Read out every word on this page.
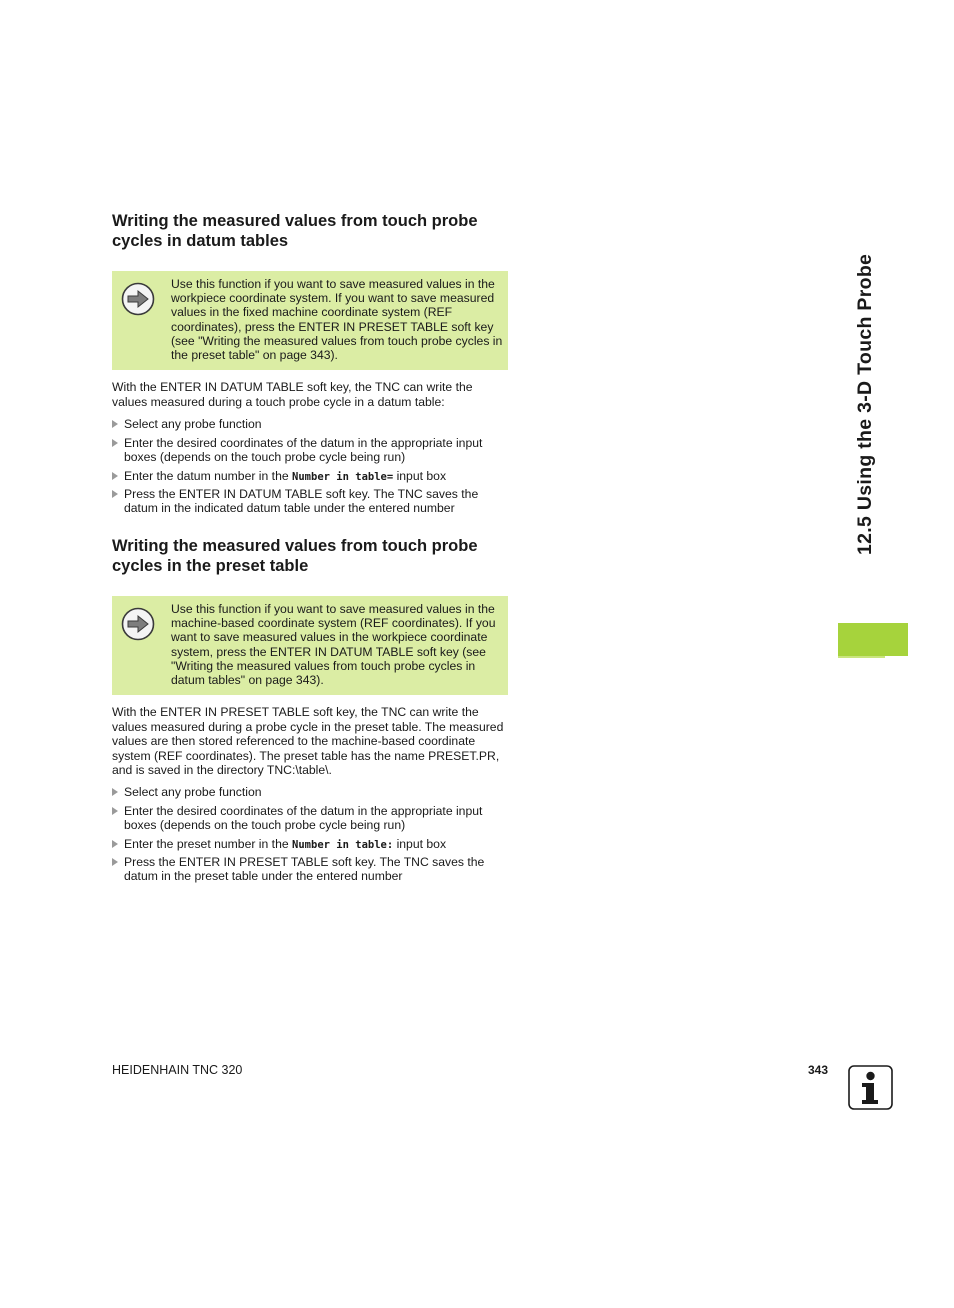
Writing the measured values from touch probe cycles in datum tables
Use this function if you want to save measured values in the workpiece coordinate system. If you want to save measured values in the fixed machine coordinate system (REF coordinates), press the ENTER IN PRESET TABLE soft key (see "Writing the measured values from touch probe cycles in the preset table" on page 343).

With the ENTER IN DATUM TABLE soft key, the TNC can write the values measured during a touch probe cycle in a datum table:

Select any probe function
Enter the desired coordinates of the datum in the appropriate input boxes (depends on the touch probe cycle being run)
Enter the datum number in the Number in table= input box
Press the ENTER IN DATUM TABLE soft key. The TNC saves the datum in the indicated datum table under the entered number
Writing the measured values from touch probe cycles in the preset table
Use this function if you want to save measured values in the machine-based coordinate system (REF coordinates). If you want to save measured values in the workpiece coordinate system, press the ENTER IN DATUM TABLE soft key (see "Writing the measured values from touch probe cycles in datum tables" on page 343).

With the ENTER IN PRESET TABLE soft key, the TNC can write the values measured during a probe cycle in the preset table. The measured values are then stored referenced to the machine-based coordinate system (REF coordinates). The preset table has the name PRESET.PR, and is saved in the directory TNC:\table\.

Select any probe function
Enter the desired coordinates of the datum in the appropriate input boxes (depends on the touch probe cycle being run)
Enter the preset number in the Number in table: input box
Press the ENTER IN PRESET TABLE soft key. The TNC saves the datum in the preset table under the entered number
12.5 Using the 3-D Touch Probe
HEIDENHAIN TNC 320	343
